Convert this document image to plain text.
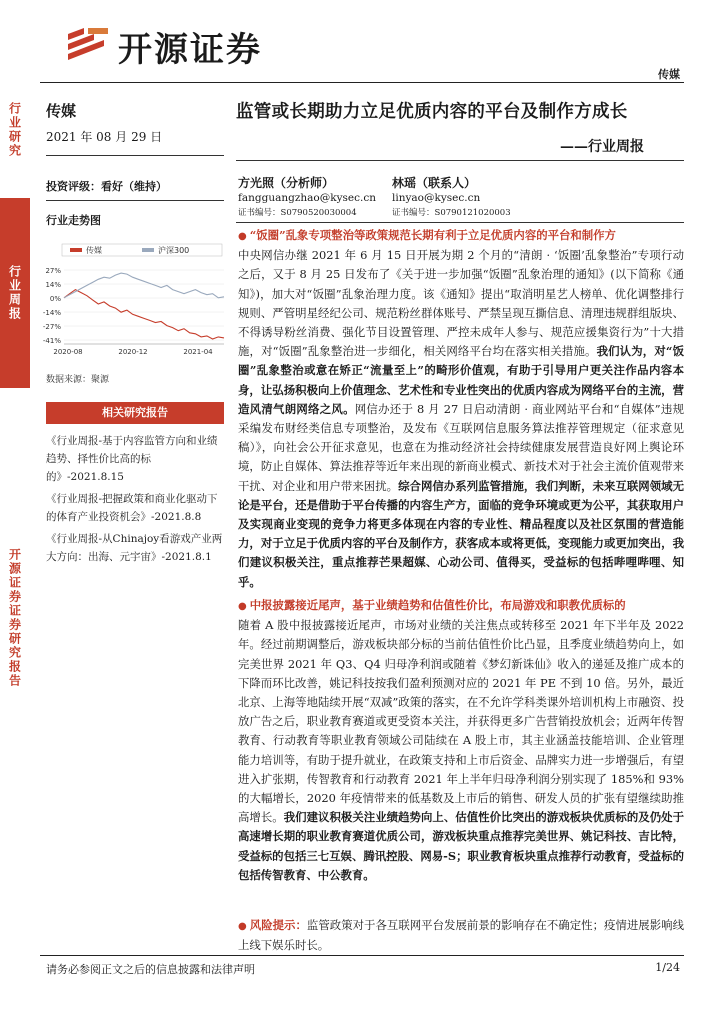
开源证券
传媒
行业研究
行业周报
开源证券证券研究报告
传媒
2021 年 08 月 29 日
投资评级：看好（维持）
行业走势图
传媒	沪深300
27%
14%
0%
-14%
-27%
-41%
2020-08	2020-12	2021-04
数据来源：聚源
相关研究报告

《行业周报-基于内容监管方向和业绩趋势、择性价比高的标的》-2021.8.15

《行业周报-把握政策和商业化驱动下的体育产业投资机会》-2021.8.8

《行业周报-从Chinajoy看游戏产业两大方向：出海、元宇宙》-2021.8.1

监管或长期助力立足优质内容的平台及制作方成长
——行业周报
方光照（分析师）
fangguangzhao@kysec.cn
证书编号：S0790520030004
林瑶（联系人）
linyao@kysec.cn
证书编号：S0790121020003

● “饭圈”乱象专项整治等政策规范长期有利于立足优质内容的平台和制作方

中央网信办继 2021 年 6 月 15 日开展为期 2 个月的“清朗 · ‘饭圈’乱象整治”专项行动之后，又于 8 月 25 日发布了《关于进一步加强“饭圈”乱象治理的通知》(以下简称《通知》)，加大对“饭圈”乱象治理力度。该《通知》提出“取消明星艺人榜单、优化调整排行规则、严管明星经纪公司、规范粉丝群体账号、严禁呈现互撕信息、清理违规群组版块、不得诱导粉丝消费、强化节目设置管理、严控未成年人参与、规范应援集资行为”十大措施，对“饭圈”乱象整治进一步细化，相关网络平台均在落实相关措施。我们认为，对“饭圈”乱象整治或意在矫正“流量至上”的畸形价值观，有助于引导用户更关注作品内容本身，让弘扬积极向上价值理念、艺术性和专业性突出的优质内容成为网络平台的主流，营造风清气朗网络之风。网信办还于 8 月 27 日启动清朗 · 商业网站平台和“自媒体”违规采编发布财经类信息专项整治，及发布《互联网信息服务算法推荐管理规定（征求意见稿）》，向社会公开征求意见，也意在为推动经济社会持续健康发展营造良好网上舆论环境，防止自媒体、算法推荐等近年来出现的新商业模式、新技术对于社会主流价值观带来干扰、对企业和用户带来困扰。综合网信办系列监管措施，我们判断，未来互联网领域无论是平台，还是借助于平台传播的内容生产方，面临的竞争环境或更为公平，其获取用户及实现商业变现的竞争力将更多体现在内容的专业性、精品程度以及社区氛围的营造能力，对于立足于优质内容的平台及制作方，获客成本或将更低，变现能力或更加突出，我们建议积极关注，重点推荐芒果超媒、心动公司、值得买，受益标的包括哔哩哔哩、知乎。

● 中报披露接近尾声，基于业绩趋势和估值性价比，布局游戏和职教优质标的

随着 A 股中报披露接近尾声，市场对业绩的关注焦点或转移至 2021 年下半年及 2022 年。经过前期调整后，游戏板块部分标的当前估值性价比凸显，且季度业绩趋势向上，如完美世界 2021 年 Q3、Q4 归母净利润或随着《梦幻新诛仙》收入的递延及推广成本的下降而环比改善，姚记科技按我们盈利预测对应的 2021 年 PE 不到 10 倍。另外，最近北京、上海等地陆续开展“双减”政策的落实，在不允许学科类课外培训机构上市融资、投放广告之后，职业教育赛道或更受资本关注，并获得更多广告营销投放机会；近两年传智教育、行动教育等职业教育领域公司陆续在 A 股上市，其主业涵盖技能培训、企业管理能力培训等，有助于提升就业，在政策支持和上市后资金、品牌实力进一步增强后，有望进入扩张期，传智教育和行动教育 2021 年上半年归母净利润分别实现了 185%和 93%的大幅增长，2020 年疫情带来的低基数及上市后的销售、研发人员的扩张有望继续助推高增长。我们建议积极关注业绩趋势向上、估值性价比突出的游戏板块优质标的及仍处于高速增长期的职业教育赛道优质公司，游戏板块重点推荐完美世界、姚记科技、吉比特，受益标的包括三七互娱、腾讯控股、网易-S；职业教育板块重点推荐行动教育，受益标的包括传智教育、中公教育。

● 风险提示：监管政策对于各互联网平台发展前景的影响存在不确定性；疫情进展影响线上线下娱乐时长。

请务必参阅正文之后的信息披露和法律声明	1/24
